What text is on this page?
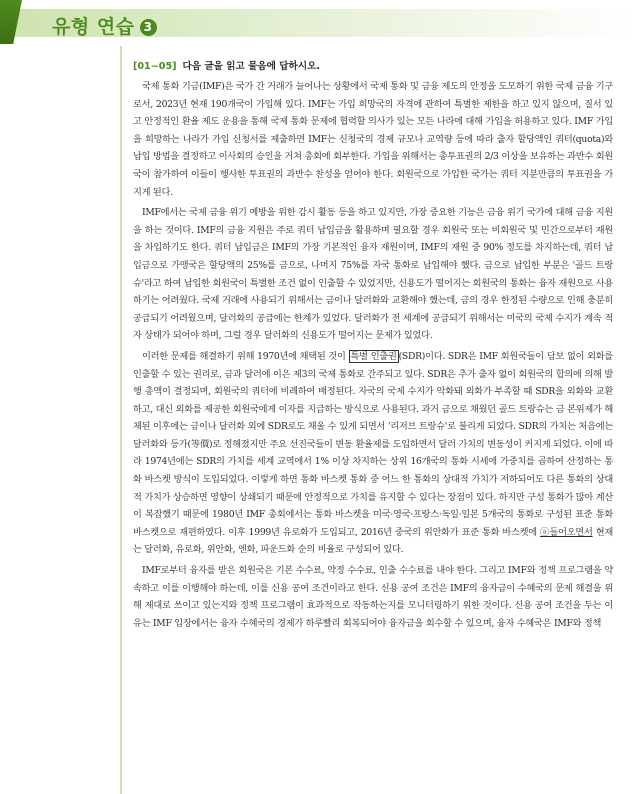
유형 연습 3
[01~05] 다음 글을 읽고 물음에 답하시오.

국제 통화 기금(IMF)은 국가 간 거래가 늘어나는 상황에서 국제 통화 및 금융 제도의 안정을 도모하기 위한 국제 금융 기구로서, 2023년 현재 190개국이 가입해 있다. IMF는 가입 희망국의 자격에 관하여 특별한 제한을 하고 있지 않으며, 질서 있고 안정적인 환율 제도 운용을 통해 국제 통화 문제에 협력할 의사가 있는 모든 나라에 대해 가입을 허용하고 있다. IMF 가입을 희망하는 나라가 가입 신청서를 제출하면 IMF는 신청국의 경제 규모나 교역량 등에 따라 출자 할당액인 쿼터(quota)와 납입 방법을 결정하고 이사회의 승인을 거쳐 총회에 회부한다. 가입을 위해서는 총투표권의 2/3 이상을 보유하는 과반수 회원국이 참가하여 이들이 행사한 투표권의 과반수 찬성을 얻어야 한다. 회원국으로 가입한 국가는 쿼터 지분만큼의 투표권을 가지게 된다.

IMF에서는 국제 금융 위기 예방을 위한 감시 활동 등을 하고 있지만, 가장 중요한 기능은 금융 위기 국가에 대해 금융 지원을 하는 것이다. IMF의 금융 지원은 주로 쿼터 납입금을 활용하며 필요할 경우 회원국 또는 비회원국 및 민간으로부터 재원을 차입하기도 한다. 쿼터 납입금은 IMF의 가장 기본적인 융자 재원이며, IMF의 재원 중 90% 정도를 차지하는데, 쿼터 납입금으로 가맹국은 할당액의 25%를 금으로, 나머지 75%를 자국 통화로 납입해야 했다. 금으로 납입한 부분은 '골드 트랑슈'라고 하여 납입한 회원국이 특별한 조건 없이 인출할 수 있었지만, 신용도가 떨어지는 회원국의 통화는 융자 재원으로 사용하기는 어려웠다. 국제 거래에 사용되기 위해서는 금이나 달러화와 교환해야 했는데, 금의 경우 한정된 수량으로 인해 충분히 공급되기 어려웠으며, 달러화의 공급에는 한계가 있었다. 달러화가 전 세계에 공급되기 위해서는 미국의 국제 수지가 계속 적자 상태가 되어야 하며, 그럴 경우 달러화의 신용도가 떨어지는 문제가 있었다.

이러한 문제를 해결하기 위해 1970년에 채택된 것이 특별 인출권 (SDR)이다. SDR은 IMF 회원국들이 담보 없이 외화를 인출할 수 있는 권리로, 금과 달러에 이은 제3의 국제 통화로 간주되고 있다. SDR은 추가 출자 없이 회원국의 합의에 의해 발행 총액이 결정되며, 회원국의 쿼터에 비례하여 배정된다. 자국의 국제 수지가 악화돼 외화가 부족할 때 SDR을 외화와 교환하고, 대신 외화를 제공한 회원국에게 이자를 지급하는 방식으로 사용된다. 과거 금으로 채웠던 골드 트랑슈는 금 본위제가 해체된 이후에는 금이나 달러화 외에 SDR로도 채울 수 있게 되면서 '리저브 트랑슈'로 불리게 되었다. SDR의 가치는 처음에는 달러화와 등가(等價)로 정해졌지만 주요 선진국들이 변동 환율제를 도입하면서 달러 가치의 변동성이 커지게 되었다. 이에 따라 1974년에는 SDR의 가치를 세계 교역에서 1% 이상 차지하는 상위 16개국의 통화 시세에 가중치를 곱하여 산정하는 통화 바스켓 방식이 도입되었다. 이렇게 하면 통화 바스켓 통화 중 어느 한 통화의 상대적 가치가 저하되어도 다른 통화의 상대적 가치가 상승하면 영향이 상쇄되기 때문에 안정적으로 가치를 유지할 수 있다는 장점이 있다. 하지만 구성 통화가 많아 계산이 복잡했기 때문에 1980년 IMF 총회에서는 통화 바스켓을 미국·영국·프랑스·독일·일본 5개국의 통화로 구성된 표준 통화 바스켓으로 재편하였다. 이후 1999년 유로화가 도입되고, 2016년 중국의 위안화가 표준 통화 바스켓에 ⓐ들어오면서 현재는 달러화, 유로화, 위안화, 엔화, 파운드화 순의 비율로 구성되어 있다.

IMF로부터 융자를 받은 회원국은 기본 수수료, 약정 수수료, 인출 수수료를 내야 한다. 그리고 IMF와 정책 프로그램을 약속하고 이를 이행해야 하는데, 이를 신용 공여 조건이라고 한다. 신용 공여 조건은 IMF의 융자금이 수혜국의 문제 해결을 위해 제대로 쓰이고 있는지와 정책 프로그램이 효과적으로 작동하는지를 모니터링하기 위한 것이다. 신용 공여 조건을 두는 이유는 IMF 입장에서는 융자 수혜국의 경제가 하루빨리 회복되어야 융자금을 회수할 수 있으며, 융자 수혜국은 IMF와 정책
